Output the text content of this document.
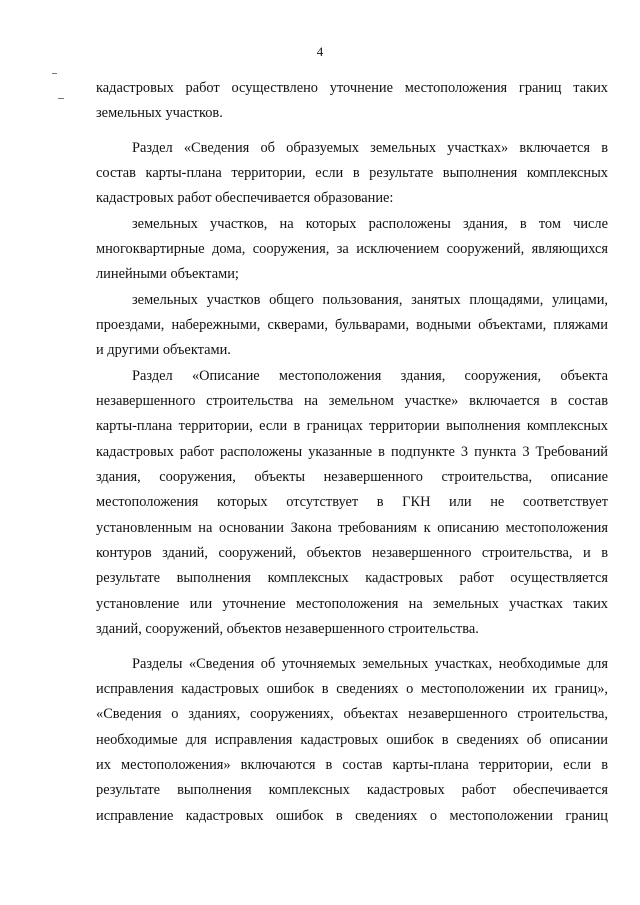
4
кадастровых работ осуществлено уточнение местоположения границ таких
земельных участков.
Раздел «Сведения об образуемых земельных участках» включается в
состав карты-плана территории, если в результате выполнения комплексных
кадастровых работ обеспечивается образование:
земельных участков, на которых расположены здания, в том числе
многоквартирные дома, сооружения, за исключением сооружений, являющихся
линейными объектами;
земельных участков общего пользования, занятых площадями, улицами,
проездами, набережными, скверами, бульварами, водными объектами, пляжами
и другими объектами.
Раздел «Описание местоположения здания, сооружения, объекта
незавершенного строительства на земельном участке» включается в состав
карты-плана территории, если в границах территории выполнения комплексных
кадастровых работ расположены указанные в подпункте 3 пункта 3 Требований
здания, сооружения, объекты незавершенного строительства, описание
местоположения которых отсутствует в ГКН или не соответствует
установленным на основании Закона требованиям к описанию местоположения
контуров зданий, сооружений, объектов незавершенного строительства, и в
результате выполнения комплексных кадастровых работ осуществляется
установление или уточнение местоположения на земельных участках таких
зданий, сооружений, объектов незавершенного строительства.
Разделы «Сведения об уточняемых земельных участках, необходимые для
исправления кадастровых ошибок в сведениях о местоположении их границ»,
«Сведения о зданиях, сооружениях, объектах незавершенного строительства,
необходимые для исправления кадастровых ошибок в сведениях об описании
их местоположения» включаются в состав карты-плана территории, если в
результате выполнения комплексных кадастровых работ обеспечивается
исправление кадастровых ошибок в сведениях о местоположении границ
